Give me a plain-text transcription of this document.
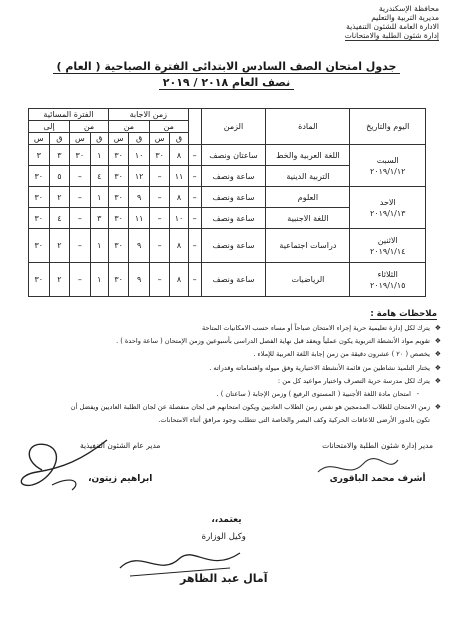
محافظة الإسكندرية
مديرية التربية والتعليم
الادارة العامة للشئون التنفيذية
إدارة شئون الطلبة والامتحانات
جدول امتحان الصف السادس الابتدائى الفترة الصباحية ( العام )
نصف العام ٢٠١٨ / ٢٠١٩
اليوم والتاريخ	المادة	الزمن		زمن الاجابة				الفترة المسائية			
				من		من		من		إلى	
				ق	س	ق	س	ق	س	ق	س

السبت
٢٠١٩/١/١٢	اللغة العربية والخط	ساعتان ونصف	–	٨	٣٠	١٠	٣٠	١	٣٠	٣	٣
	التربية الدينية	ساعة ونصف	–	١١	–	١٢	٣٠	٤	–	٥	٣٠

الاحد
٢٠١٩/١/١٣	العلوم	ساعة ونصف	–	٨	–	٩	٣٠	١	–	٢	٣٠
	اللغة الاجنبية	ساعة ونصف	–	١٠	–	١١	٣٠	٣	–	٤	٣٠

الاثنين
٢٠١٩/١/١٤	دراسات اجتماعية	ساعة ونصف	–	٨	–	٩	٣٠	١	–	٢	٣٠

الثلاثاء
٢٠١٩/١/١٥	الرياضيات	ساعة ونصف	–	٨	–	٩	٣٠	١	–	٢	٣٠
ملاحظات هامة :
❖ يترك لكل إدارة تعليمية حرية إجراء الامتحان صباحاً أو مساء حسب الامكانيات المتاحة
❖ تقويم مواد الأنشطة التربوية يكون عملياً ويعقد قبل نهاية الفصل الدراسى بأسبوعين وزمن الإمتحان ( ساعة واحدة ) .
❖ يخصص ( ٢٠ ) عشرون دقيقة من زمن إجابة اللغة العربية للإملاء .
❖ يختار التلميذ نشاطين من قائمة الأنشطة الاختيارية وفق ميوله واهتماماته وقدراته .
❖ يترك لكل مدرسة حرية التصرف واختيار مواعيد كل من :
- امتحان مادة اللغة الأجنبية ( المستوى الرفيع ) وزمن الإجابة ( ساعتان ) .
❖ زمن الامتحان للطلاب المدمجين هو نفس زمن الطلاب العاديين ويكون امتحانهم فى لجان منفصلة عن لجان الطلبة العاديين ويفضل أن
تكون بالدور الأرضى للاعاقات الحركية وكف البصر والخاصة التى تتطلب وجود مرافق أثناء الامتحانات.
مدير إدارة شئون الطلبة والامتحانات
أشرف محمد الباقورى
مدير عام الشئون التنفيذية
ابراهيم زيتون،
يعتمد،،
وكيل الوزارة
آمال عبد الظاهر
